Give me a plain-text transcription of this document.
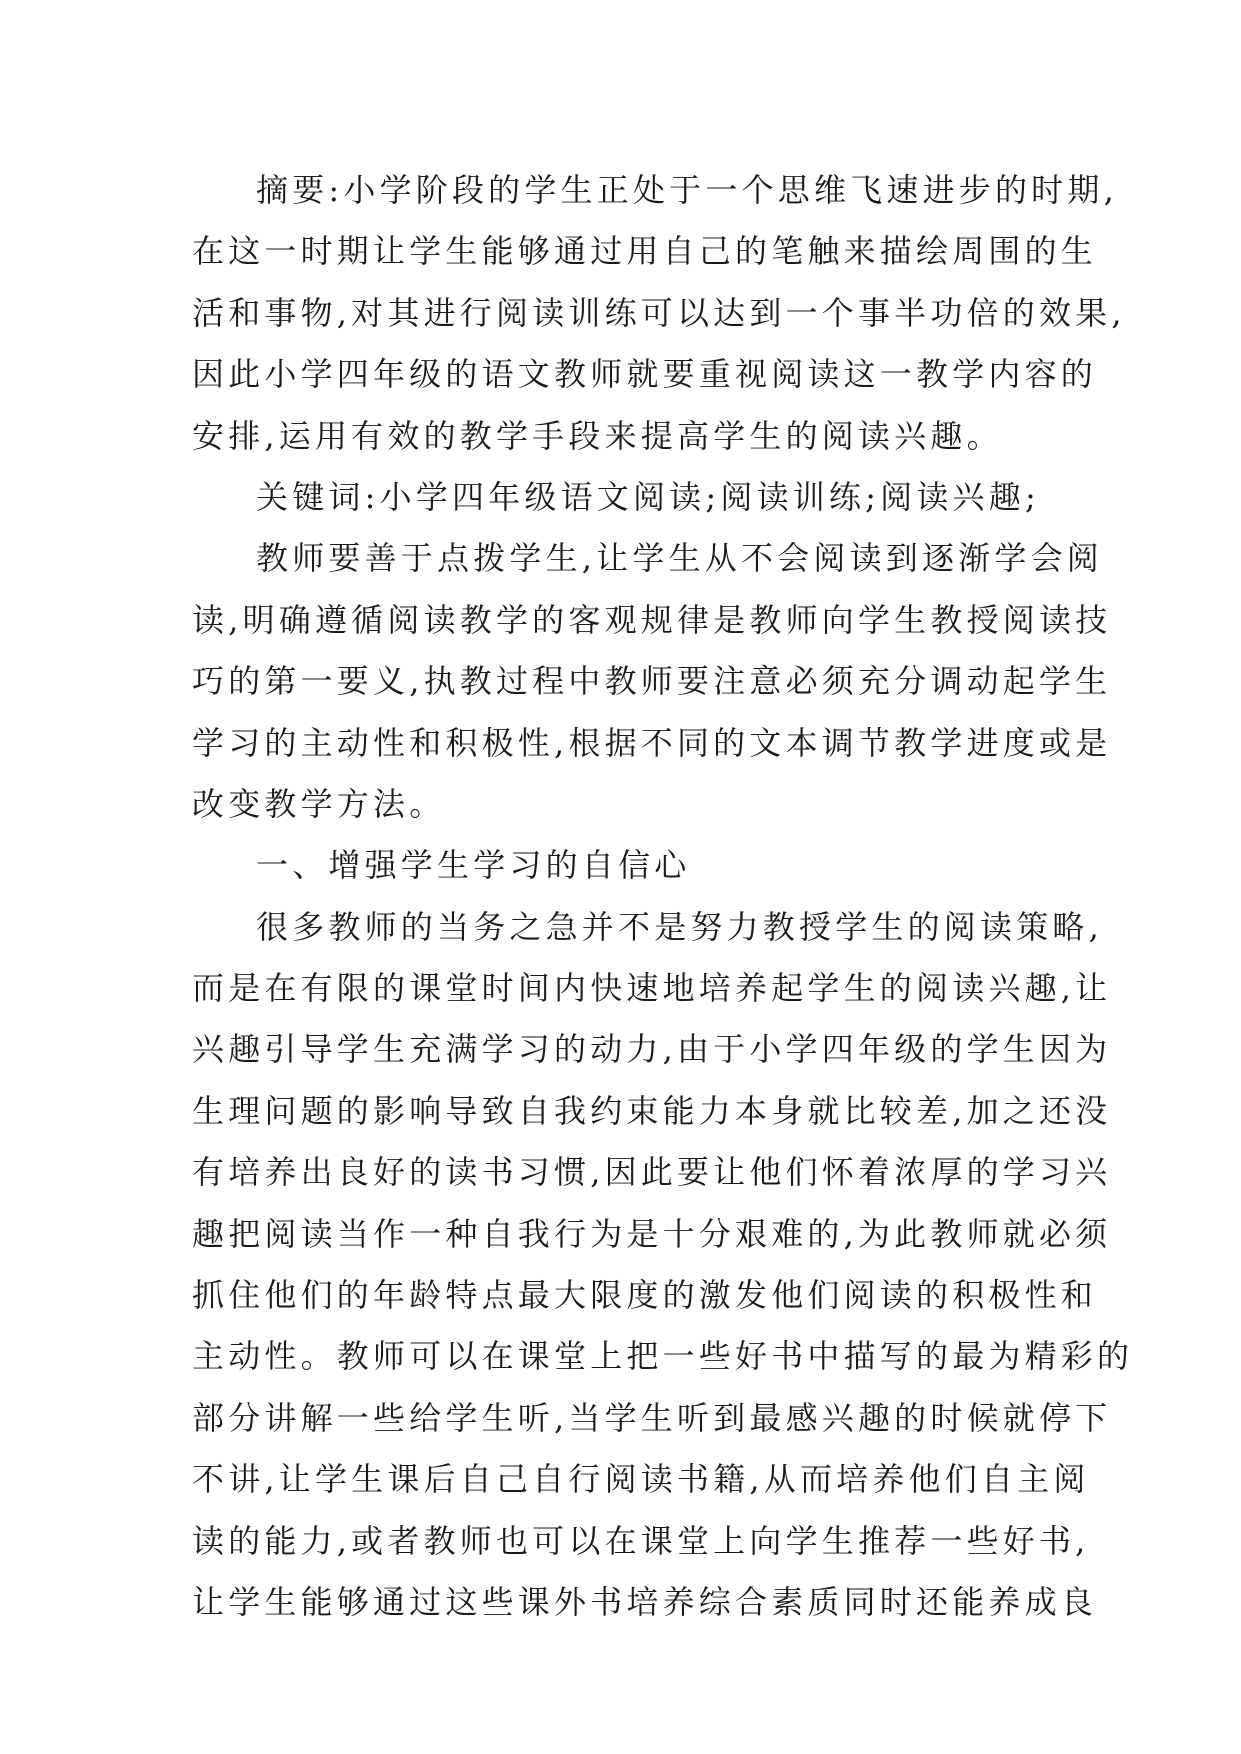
摘要:小学阶段的学生正处于一个思维飞速进步的时期,
在这一时期让学生能够通过用自己的笔触来描绘周围的生
活和事物,对其进行阅读训练可以达到一个事半功倍的效果,
因此小学四年级的语文教师就要重视阅读这一教学内容的
安排,运用有效的教学手段来提高学生的阅读兴趣。
关键词:小学四年级语文阅读;阅读训练;阅读兴趣;
教师要善于点拨学生,让学生从不会阅读到逐渐学会阅
读,明确遵循阅读教学的客观规律是教师向学生教授阅读技
巧的第一要义,执教过程中教师要注意必须充分调动起学生
学习的主动性和积极性,根据不同的文本调节教学进度或是
改变教学方法。
一、增强学生学习的自信心
很多教师的当务之急并不是努力教授学生的阅读策略,
而是在有限的课堂时间内快速地培养起学生的阅读兴趣,让
兴趣引导学生充满学习的动力,由于小学四年级的学生因为
生理问题的影响导致自我约束能力本身就比较差,加之还没
有培养出良好的读书习惯,因此要让他们怀着浓厚的学习兴
趣把阅读当作一种自我行为是十分艰难的,为此教师就必须
抓住他们的年龄特点最大限度的激发他们阅读的积极性和
主动性。教师可以在课堂上把一些好书中描写的最为精彩的
部分讲解一些给学生听,当学生听到最感兴趣的时候就停下
不讲,让学生课后自己自行阅读书籍,从而培养他们自主阅
读的能力,或者教师也可以在课堂上向学生推荐一些好书,
让学生能够通过这些课外书培养综合素质同时还能养成良
